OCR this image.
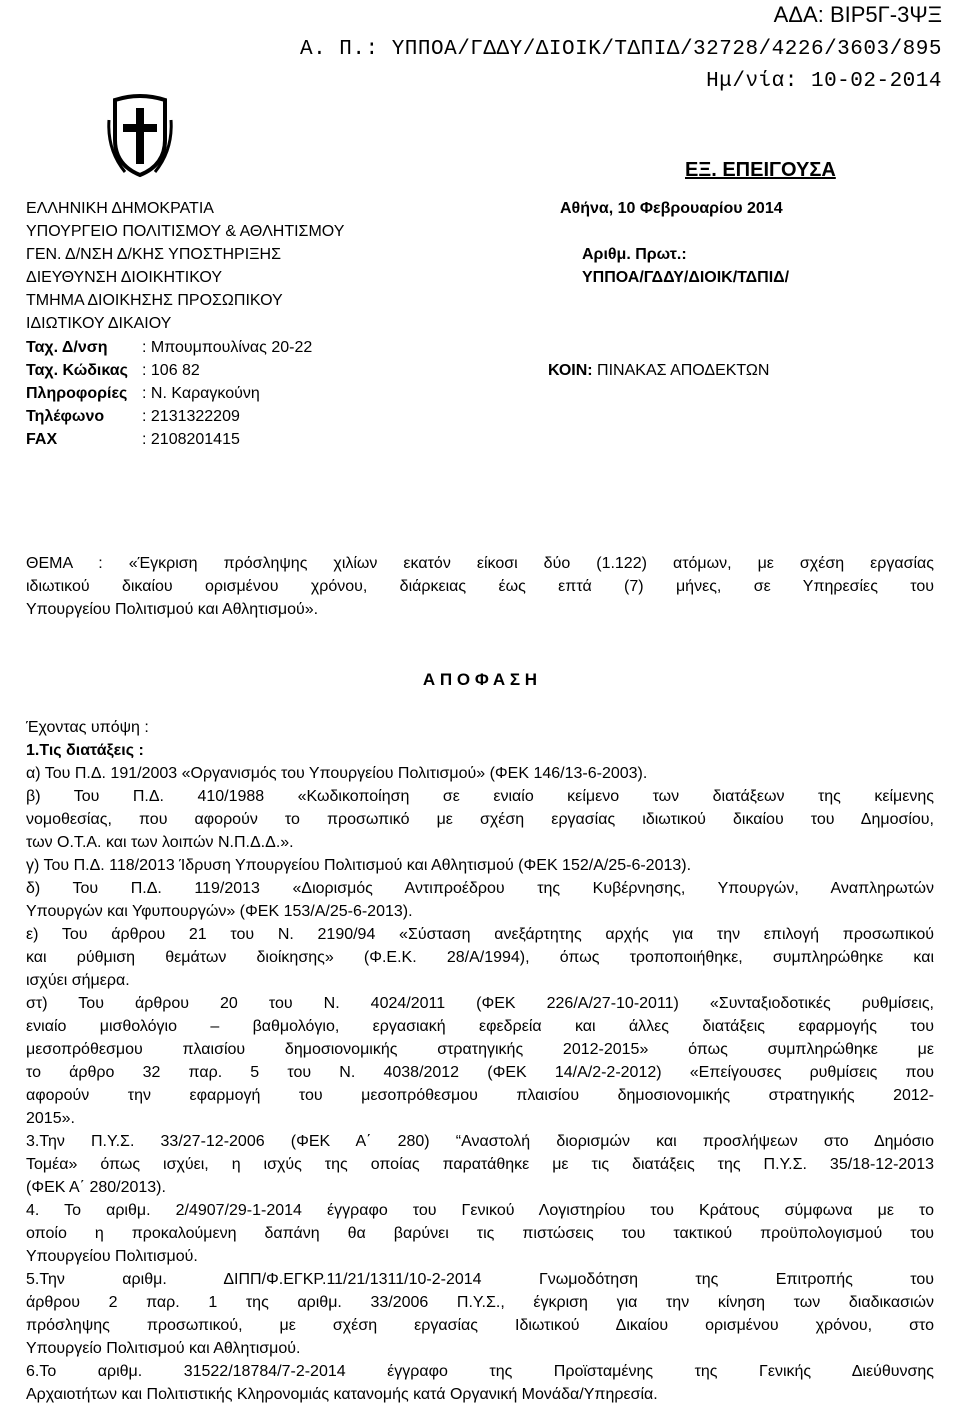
ΑΔΑ: ΒΙΡ5Γ-3ΨΞ
Α. Π.: ΥΠΠΟΑ/ΓΔΔΥ/ΔΙΟΙΚ/ΤΔΠΙΔ/32728/4226/3603/895
Ημ/νία: 10-02-2014
ΕΞ. ΕΠΕΙΓΟΥΣΑ
ΕΛΛΗΝΙΚΗ ΔΗΜΟΚΡΑΤΙΑ
ΥΠΟΥΡΓΕΙΟ ΠΟΛΙΤΙΣΜΟΥ & ΑΘΛΗΤΙΣΜΟΥ
ΓΕΝ. Δ/ΝΣΗ Δ/ΚΗΣ ΥΠΟΣΤΗΡΙΞΗΣ
ΔΙΕΥΘΥΝΣΗ ΔΙΟΙΚΗΤΙΚΟΥ
ΤΜΗΜΑ ΔΙΟΙΚΗΣΗΣ ΠΡΟΣΩΠΙΚΟΥ
ΙΔΙΩΤΙΚΟΥ ΔΙΚΑΙΟΥ
Ταχ. Δ/νση : Μπουμπουλίνας 20-22
Ταχ. Κώδικας : 106 82
Πληροφορίες : Ν. Καραγκούνη
Τηλέφωνο : 2131322209
FAX	: 2108201415
Αθήνα, 10 Φεβρουαρίου 2014
Αριθμ. Πρωτ.:
ΥΠΠΟΑ/ΓΔΔΥ/ΔΙΟΙΚ/ΤΔΠΙΔ/
ΚΟΙΝ: ΠΙΝΑΚΑΣ ΑΠΟΔΕΚΤΩΝ
ΘΕΜΑ : «Έγκριση πρόσληψης χιλίων εκατόν είκοσι δύο (1.122) ατόμων, με σχέση εργασίας
ιδιωτικού δικαίου ορισμένου χρόνου, διάρκειας έως επτά (7) μήνες, σε Υπηρεσίες του
Υπουργείου Πολιτισμού και Αθλητισμού».
Α Π Ο Φ Α Σ Η
Έχοντας υπόψη :
1.Τις διατάξεις :
α) Του Π.Δ. 191/2003 «Οργανισμός του Υπουργείου Πολιτισμού» (ΦΕΚ 146/13-6-2003).
β) Του Π.Δ. 410/1988 «Κωδικοποίηση σε ενιαίο κείμενο των διατάξεων της κείμενης
νομοθεσίας, που αφορούν το προσωπικό με σχέση εργασίας ιδιωτικού δικαίου του Δημοσίου,
των Ο.Τ.Α. και των λοιπών Ν.Π.Δ.Δ.».
γ) Του Π.Δ. 118/2013 Ίδρυση Υπουργείου Πολιτισμού και Αθλητισμού (ΦΕΚ 152/Α/25-6-2013).
δ) Του Π.Δ. 119/2013 «Διορισμός Αντιπροέδρου της Κυβέρνησης, Υπουργών, Αναπληρωτών
Υπουργών και Υφυπουργών» (ΦΕΚ 153/Α/25-6-2013).
ε) Του άρθρου 21 του Ν. 2190/94 «Σύσταση ανεξάρτητης αρχής για την επιλογή προσωπικού
και ρύθμιση θεμάτων διοίκησης» (Φ.Ε.Κ. 28/Α/1994), όπως τροποποιήθηκε, συμπληρώθηκε και
ισχύει σήμερα.
στ) Του άρθρου 20 του Ν. 4024/2011 (ΦΕΚ 226/Α/27-10-2011) «Συνταξιοδοτικές ρυθμίσεις,
ενιαίο μισθολόγιο – βαθμολόγιο, εργασιακή εφεδρεία και άλλες διατάξεις εφαρμογής του
μεσοπρόθεσμου πλαισίου δημοσιονομικής στρατηγικής 2012-2015» όπως συμπληρώθηκε με
το άρθρο 32 παρ. 5 του Ν. 4038/2012 (ΦΕΚ 14/Α/2-2-2012) «Επείγουσες ρυθμίσεις που
αφορούν την εφαρμογή του μεσοπρόθεσμου πλαισίου δημοσιονομικής στρατηγικής 2012-
2015».
3.Την Π.Υ.Σ. 33/27-12-2006 (ΦΕΚ Α΄ 280) “Αναστολή διορισμών και προσλήψεων στο Δημόσιο
Τομέα» όπως ισχύει, η ισχύς της οποίας παρατάθηκε με τις διατάξεις της Π.Υ.Σ. 35/18-12-2013
(ΦΕΚ Α΄ 280/2013).
4. Το αριθμ. 2/4907/29-1-2014 έγγραφο του Γενικού Λογιστηρίου του Κράτους σύμφωνα με το
οποίο η προκαλούμενη δαπάνη θα βαρύνει τις πιστώσεις του τακτικού προϋπολογισμού του
Υπουργείου Πολιτισμού.
5.Την αριθμ. ΔΙΠΠ/Φ.ΕΓΚΡ.11/21/1311/10-2-2014 Γνωμοδότηση της Επιτροπής του
άρθρου 2 παρ. 1 της αριθμ. 33/2006 Π.Υ.Σ., έγκριση για την κίνηση των διαδικασιών
πρόσληψης προσωπικού, με σχέση εργασίας Ιδιωτικού Δικαίου ορισμένου χρόνου, στο
Υπουργείο Πολιτισμού και Αθλητισμού.
6.Το αριθμ. 31522/18784/7-2-2014 έγγραφο της Προϊσταμένης της Γενικής Διεύθυνσης
Αρχαιοτήτων και Πολιτιστικής Κληρονομιάς κατανομής κατά Οργανική Μονάδα/Υπηρεσία.
